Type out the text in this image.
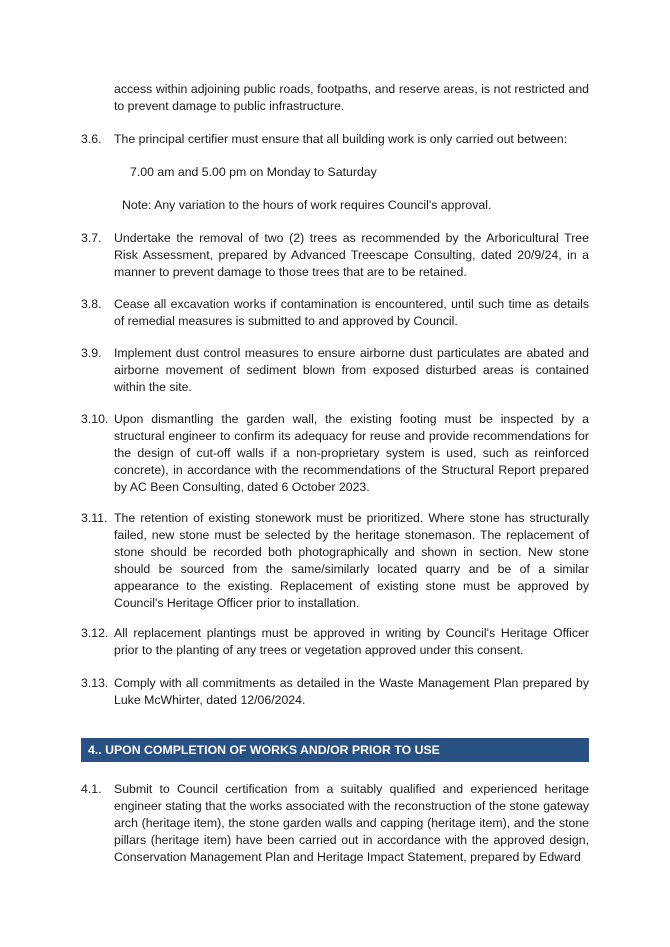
access within adjoining public roads, footpaths, and reserve areas, is not restricted and to prevent damage to public infrastructure.

3.6. The principal certifier must ensure that all building work is only carried out between:
7.00 am and 5.00 pm on Monday to Saturday
Note: Any variation to the hours of work requires Council's approval.
3.7. Undertake the removal of two (2) trees as recommended by the Arboricultural Tree Risk Assessment, prepared by Advanced Treescape Consulting, dated 20/9/24, in a manner to prevent damage to those trees that are to be retained.
3.8. Cease all excavation works if contamination is encountered, until such time as details of remedial measures is submitted to and approved by Council.
3.9. Implement dust control measures to ensure airborne dust particulates are abated and airborne movement of sediment blown from exposed disturbed areas is contained within the site.
3.10. Upon dismantling the garden wall, the existing footing must be inspected by a structural engineer to confirm its adequacy for reuse and provide recommendations for the design of cut-off walls if a non-proprietary system is used, such as reinforced concrete), in accordance with the recommendations of the Structural Report prepared by AC Been Consulting, dated 6 October 2023.
3.11. The retention of existing stonework must be prioritized. Where stone has structurally failed, new stone must be selected by the heritage stonemason. The replacement of stone should be recorded both photographically and shown in section. New stone should be sourced from the same/similarly located quarry and be of a similar appearance to the existing. Replacement of existing stone must be approved by Council's Heritage Officer prior to installation.
3.12. All replacement plantings must be approved in writing by Council's Heritage Officer prior to the planting of any trees or vegetation approved under this consent.
3.13. Comply with all commitments as detailed in the Waste Management Plan prepared by Luke McWhirter, dated 12/06/2024.
4.. UPON COMPLETION OF WORKS AND/OR PRIOR TO USE
4.1. Submit to Council certification from a suitably qualified and experienced heritage engineer stating that the works associated with the reconstruction of the stone gateway arch (heritage item), the stone garden walls and capping (heritage item), and the stone pillars (heritage item) have been carried out in accordance with the approved design, Conservation Management Plan and Heritage Impact Statement, prepared by Edward
